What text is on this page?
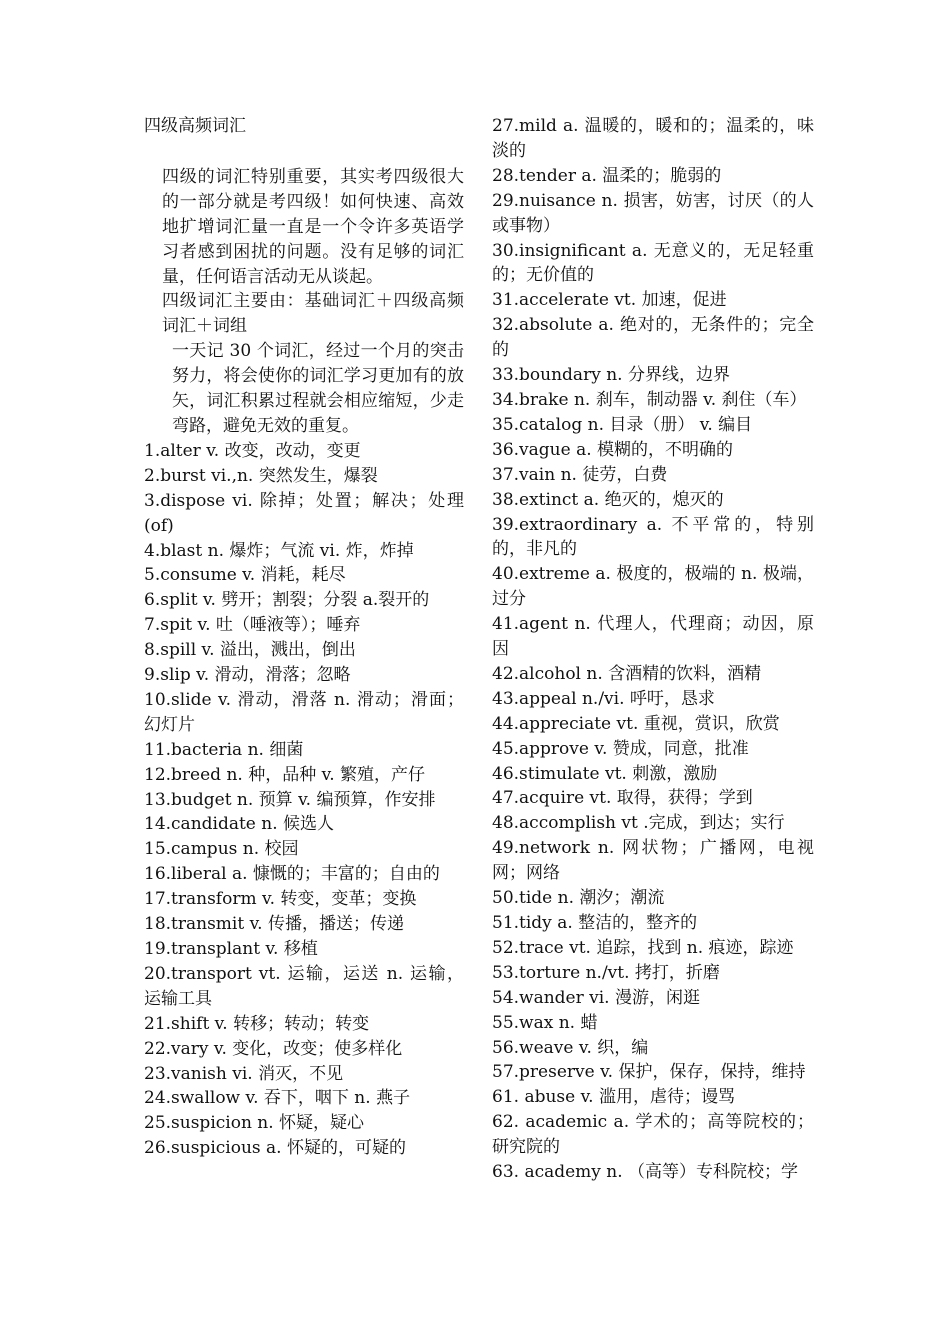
四级高频词汇

四级的词汇特别重要，其实考四级很大的一部分就是考四级！如何快速、高效地扩增词汇量一直是一个令许多英语学习者感到困扰的问题。没有足够的词汇量，任何语言活动无从谈起。

四级词汇主要由：基础词汇＋四级高频词汇＋词组

一天记 30 个词汇，经过一个月的突击努力，将会使你的词汇学习更加有的放矢，词汇积累过程就会相应缩短，少走弯路，避免无效的重复。

1.alter v. 改变，改动，变更

2.burst vi.,n. 突然发生，爆裂

3.dispose vi. 除掉；处置；解决；处理(of)

4.blast n. 爆炸；气流 vi. 炸，炸掉

5.consume v. 消耗，耗尽

6.split v. 劈开；割裂；分裂 a.裂开的

7.spit v. 吐（唾液等）；唾弃

8.spill v. 溢出，溅出，倒出

9.slip v. 滑动，滑落；忽略

10.slide v. 滑动，滑落 n. 滑动；滑面；幻灯片

11.bacteria n. 细菌

12.breed n. 种，品种 v. 繁殖，产仔

13.budget n. 预算 v. 编预算，作安排

14.candidate n. 候选人

15.campus n. 校园

16.liberal a. 慷慨的；丰富的；自由的

17.transform v. 转变，变革；变换

18.transmit v. 传播，播送；传递

19.transplant v. 移植

20.transport vt. 运输，运送 n. 运输，运输工具

21.shift v. 转移；转动；转变

22.vary v. 变化，改变；使多样化

23.vanish vi. 消灭，不见

24.swallow v. 吞下，咽下 n. 燕子

25.suspicion n. 怀疑，疑心

26.suspicious a. 怀疑的，可疑的

27.mild a. 温暖的，暖和的；温柔的，味淡的

28.tender a. 温柔的；脆弱的

29.nuisance n. 损害，妨害，讨厌（的人或事物）

30.insignificant a. 无意义的，无足轻重的；无价值的

31.accelerate vt. 加速，促进

32.absolute a. 绝对的，无条件的；完全的

33.boundary n. 分界线，边界

34.brake n. 刹车，制动器 v. 刹住（车）

35.catalog n. 目录（册） v. 编目

36.vague a. 模糊的，不明确的

37.vain n. 徒劳，白费

38.extinct a. 绝灭的，熄灭的

39.extraordinary a. 不平常的，特别的，非凡的

40.extreme a. 极度的，极端的 n. 极端，过分

41.agent n. 代理人，代理商；动因，原因

42.alcohol n. 含酒精的饮料，酒精

43.appeal n./vi. 呼吁，恳求

44.appreciate vt. 重视，赏识，欣赏

45.approve v. 赞成，同意，批准

46.stimulate vt. 刺激，激励

47.acquire vt. 取得，获得；学到

48.accomplish vt .完成，到达；实行

49.network n. 网状物；广播网，电视网；网络

50.tide n. 潮汐；潮流

51.tidy a. 整洁的，整齐的

52.trace vt. 追踪，找到 n. 痕迹，踪迹

53.torture n./vt. 拷打，折磨

54.wander vi. 漫游，闲逛

55.wax n. 蜡

56.weave v. 织，编

57.preserve v. 保护，保存，保持，维持

61. abuse v. 滥用，虐待；谩骂

62. academic a. 学术的；高等院校的；研究院的

63. academy n. （高等）专科院校；学
